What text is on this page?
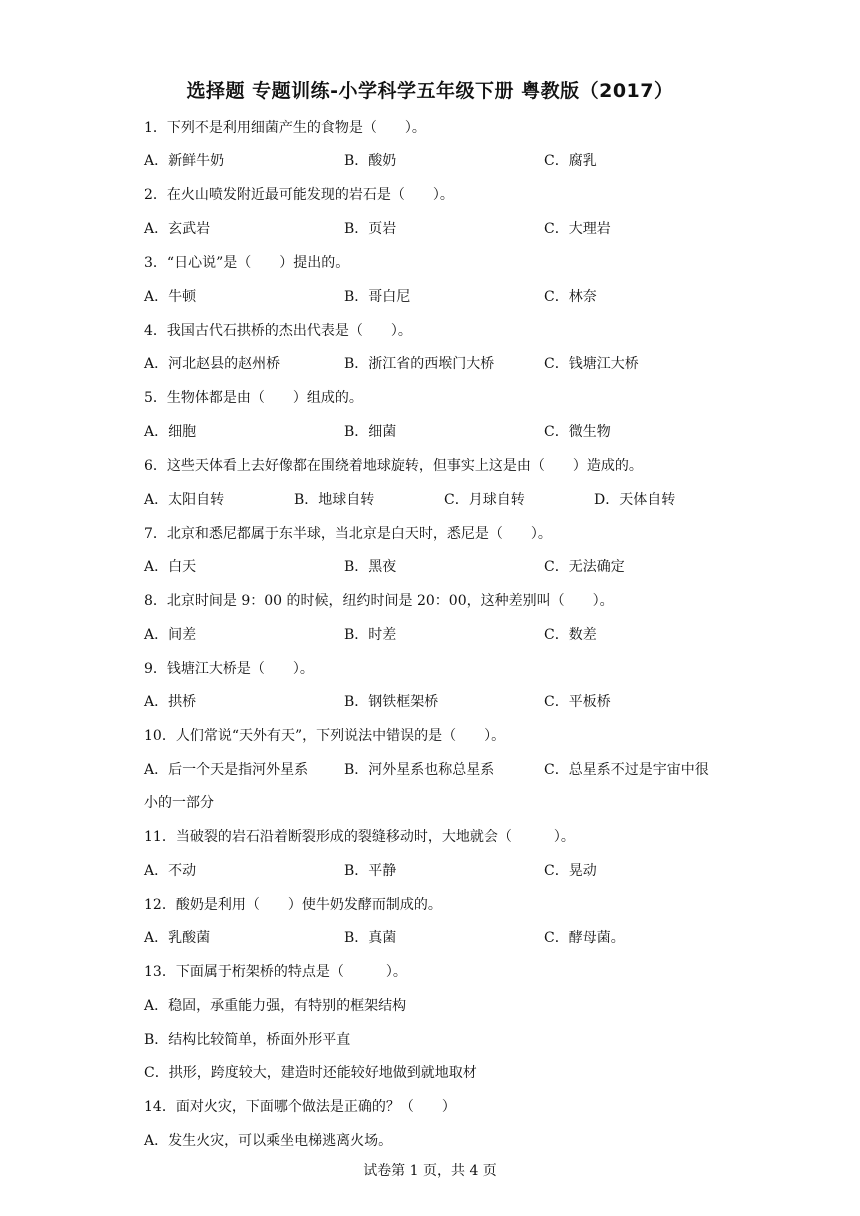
选择题 专题训练-小学科学五年级下册 粤教版（2017）
1．下列不是利用细菌产生的食物是（　　）。
A．新鲜牛奶	B．酸奶	C．腐乳
2．在火山喷发附近最可能发现的岩石是（　　）。
A．玄武岩	B．页岩	C．大理岩
3．“日心说”是（　　）提出的。
A．牛顿	B．哥白尼	C．林奈
4．我国古代石拱桥的杰出代表是（　　）。
A．河北赵县的赵州桥	B．浙江省的西堠门大桥	C．钱塘江大桥
5．生物体都是由（　　）组成的。
A．细胞	B．细菌	C．微生物
6．这些天体看上去好像都在围绕着地球旋转，但事实上这是由（　　）造成的。
A．太阳自转	B．地球自转	C．月球自转	D．天体自转
7．北京和悉尼都属于东半球，当北京是白天时，悉尼是（　　）。
A．白天	B．黑夜	C．无法确定
8．北京时间是 9：00 的时候，纽约时间是 20：00，这种差别叫（　　）。
A．间差	B．时差	C．数差
9．钱塘江大桥是（　　）。
A．拱桥	B．钢铁框架桥	C．平板桥
10．人们常说“天外有天”，下列说法中错误的是（　　）。
A．后一个天是指河外星系	B．河外星系也称总星系	C．总星系不过是宇宙中很
小的一部分
11．当破裂的岩石沿着断裂形成的裂缝移动时，大地就会（　　　）。
A．不动	B．平静	C．晃动
12．酸奶是利用（　　）使牛奶发酵而制成的。
A．乳酸菌	B．真菌	C．酵母菌。
13．下面属于桁架桥的特点是（　　　）。
A．稳固，承重能力强，有特别的框架结构
B．结构比较简单，桥面外形平直
C．拱形，跨度较大，建造时还能较好地做到就地取材
14．面对火灾，下面哪个做法是正确的？（　　）
A．发生火灾，可以乘坐电梯逃离火场。
试卷第 1 页，共 4 页
